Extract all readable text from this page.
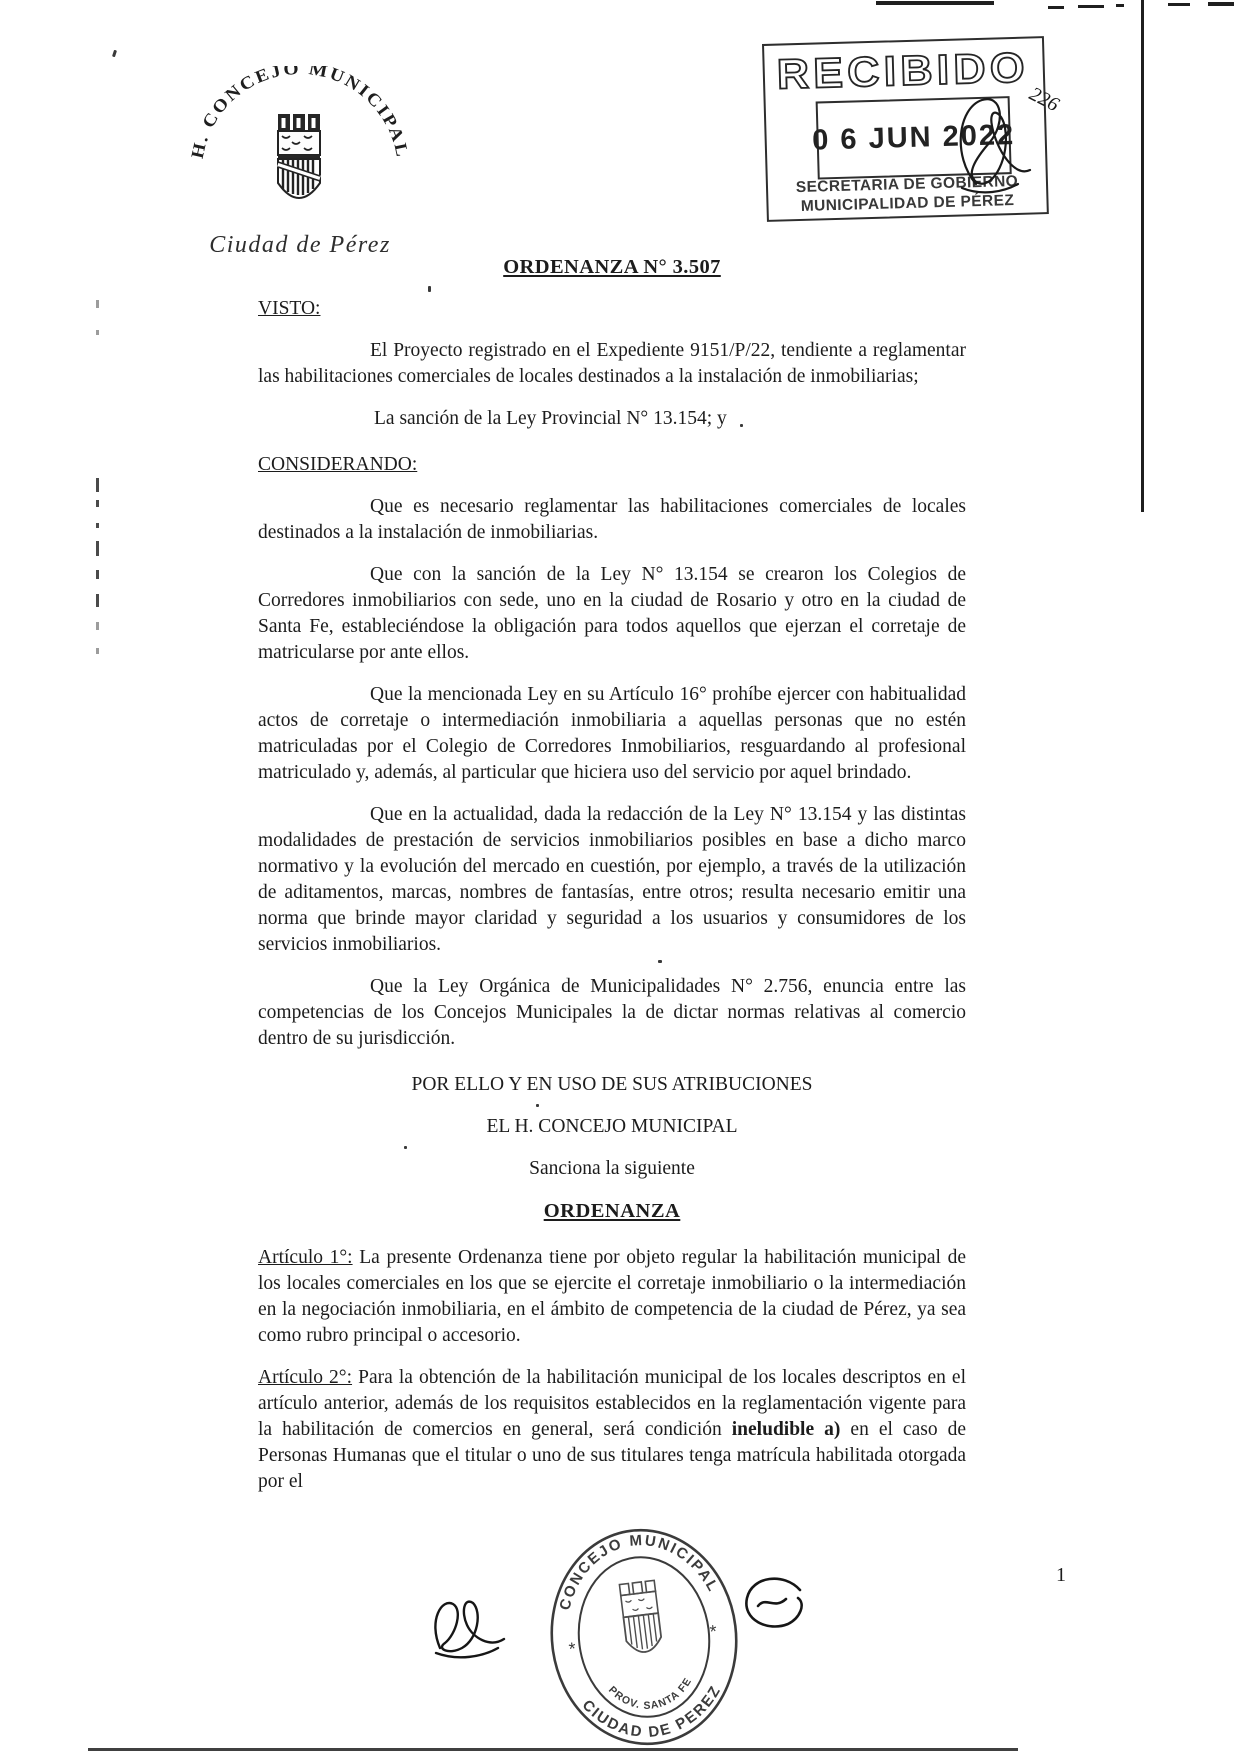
H. CONCEJO MUNICIPAL
Ciudad de Pérez
RECIBIDO
0 6 JUN 2022
SECRETARIA DE GOBIERNO
MUNICIPALIDAD DE PÉREZ
226

ORDENANZA N° 3.507

VISTO:

El Proyecto registrado en el Expediente 9151/P/22, tendiente a reglamentar las habilitaciones comerciales de locales destinados a la instalación de inmobiliarias;

La sanción de la Ley Provincial N° 13.154; y

CONSIDERANDO:

Que es necesario reglamentar las habilitaciones comerciales de locales destinados a la instalación de inmobiliarias.

Que con la sanción de la Ley N° 13.154 se crearon los Colegios de Corredores inmobiliarios con sede, uno en la ciudad de Rosario y otro en la ciudad de Santa Fe, estableciéndose la obligación para todos aquellos que ejerzan el corretaje de matricularse por ante ellos.

Que la mencionada Ley en su Artículo 16° prohíbe ejercer con habitualidad actos de corretaje o intermediación inmobiliaria a aquellas personas que no estén matriculadas por el Colegio de Corredores Inmobiliarios, resguardando al profesional matriculado y, además, al particular que hiciera uso del servicio por aquel brindado.

Que en la actualidad, dada la redacción de la Ley N° 13.154 y las distintas modalidades de prestación de servicios inmobiliarios posibles en base a dicho marco normativo y la evolución del mercado en cuestión, por ejemplo, a través de la utilización de aditamentos, marcas, nombres de fantasías, entre otros; resulta necesario emitir una norma que brinde mayor claridad y seguridad a los usuarios y consumidores de los servicios inmobiliarios.

Que la Ley Orgánica de Municipalidades N° 2.756, enuncia entre las competencias de los Concejos Municipales la de dictar normas relativas al comercio dentro de su jurisdicción.

POR ELLO Y EN USO DE SUS ATRIBUCIONES

EL H. CONCEJO MUNICIPAL

Sanciona la siguiente

ORDENANZA

Artículo 1°: La presente Ordenanza tiene por objeto regular la habilitación municipal de los locales comerciales en los que se ejercite el corretaje inmobiliario o la intermediación en la negociación inmobiliaria, en el ámbito de competencia de la ciudad de Pérez, ya sea como rubro principal o accesorio.

Artículo 2°: Para la obtención de la habilitación municipal de los locales descriptos en el artículo anterior, además de los requisitos establecidos en la reglamentación vigente para la habilitación de comercios en general, será condición ineludible a) en el caso de Personas Humanas que el titular o uno de sus titulares tenga matrícula habilitada otorgada por el

CONCEJO MUNICIPAL
CIUDAD DE PEREZ
PROV. SANTA FE
*
*
1
